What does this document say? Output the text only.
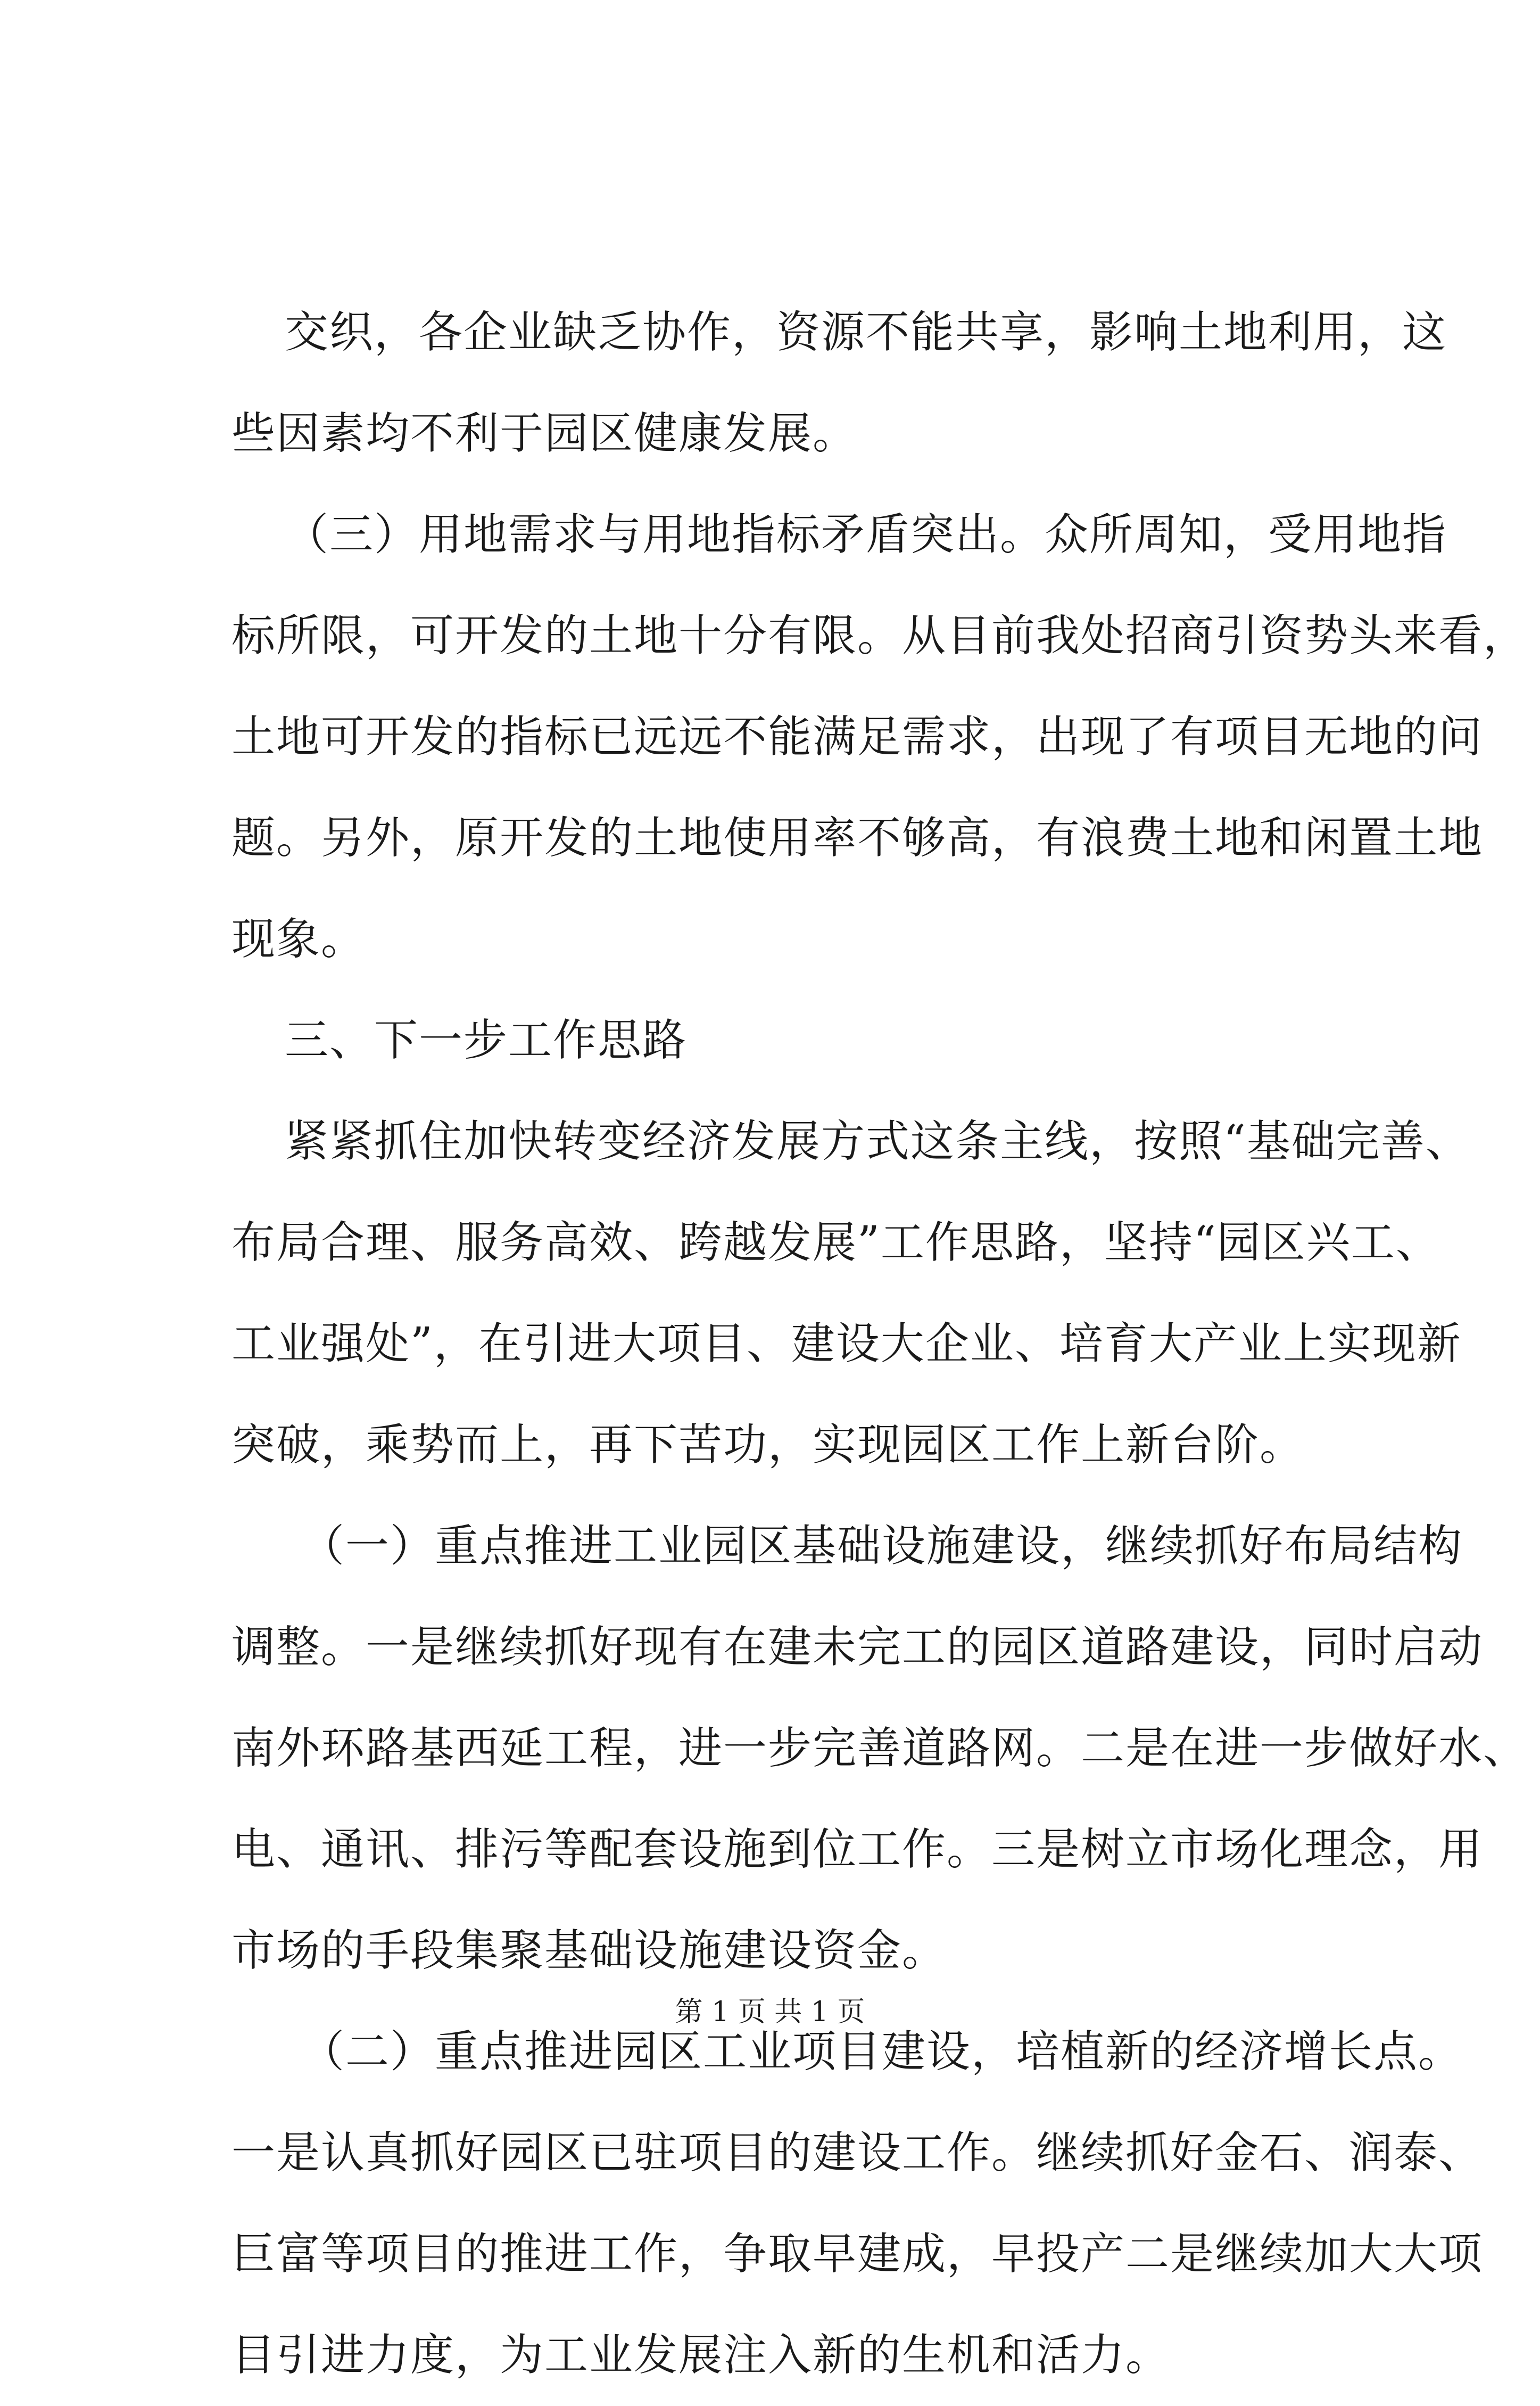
交织，各企业缺乏协作，资源不能共享，影响土地利用，这
些因素均不利于园区健康发展。
（三）用地需求与用地指标矛盾突出。众所周知，受用地指
标所限，可开发的土地十分有限。从目前我处招商引资势头来看，
土地可开发的指标已远远不能满足需求，出现了有项目无地的问
题。另外，原开发的土地使用率不够高，有浪费土地和闲置土地
现象。
三、下一步工作思路
紧紧抓住加快转变经济发展方式这条主线，按照“基础完善、
布局合理、服务高效、跨越发展”工作思路，坚持“园区兴工、
工业强处”，在引进大项目、建设大企业、培育大产业上实现新
突破，乘势而上，再下苦功，实现园区工作上新台阶。
（一）重点推进工业园区基础设施建设，继续抓好布局结构
调整。一是继续抓好现有在建未完工的园区道路建设，同时启动
南外环路基西延工程，进一步完善道路网。二是在进一步做好水、
电、通讯、排污等配套设施到位工作。三是树立市场化理念，用
市场的手段集聚基础设施建设资金。
（二）重点推进园区工业项目建设，培植新的经济增长点。
一是认真抓好园区已驻项目的建设工作。继续抓好金石、润泰、
巨富等项目的推进工作，争取早建成，早投产二是继续加大大项
目引进力度，为工业发展注入新的生机和活力。
第 1 页 共 1 页
